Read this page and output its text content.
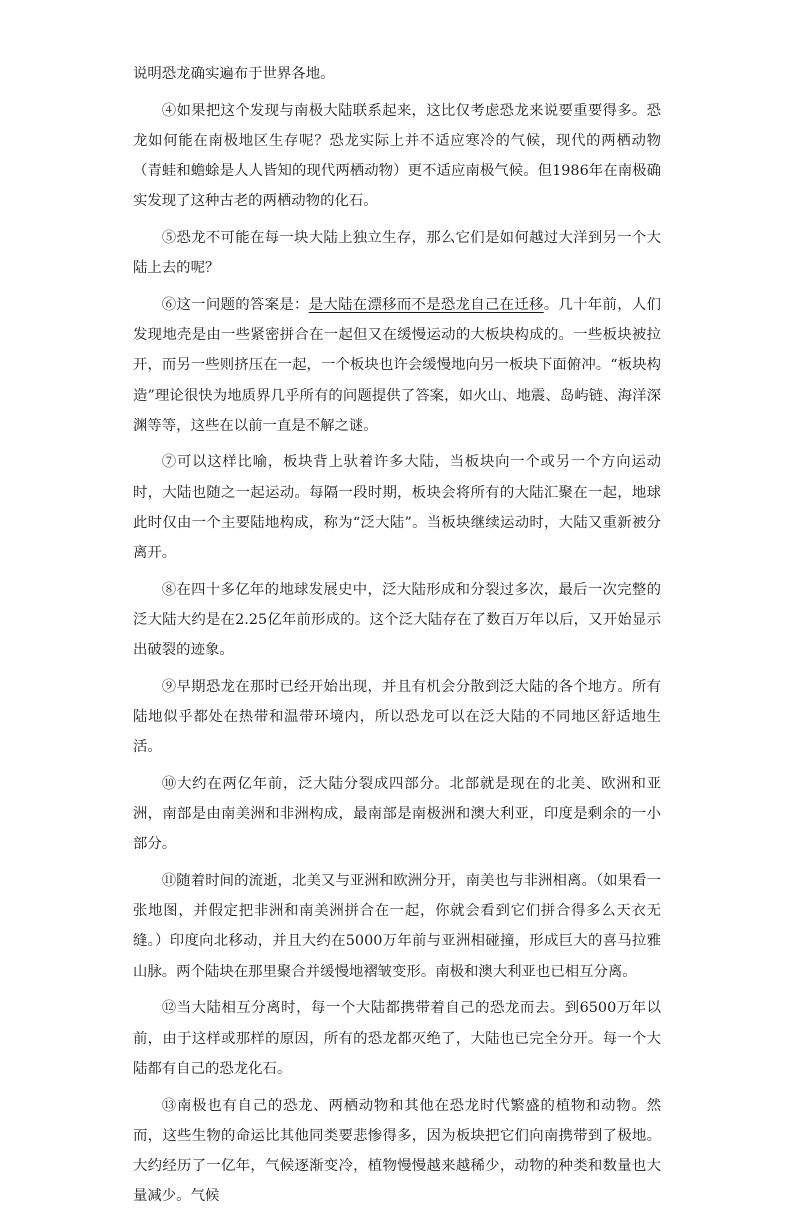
说明恐龙确实遍布于世界各地。

④如果把这个发现与南极大陆联系起来，这比仅考虑恐龙来说要重要得多。恐龙如何能在南极地区生存呢？恐龙实际上并不适应寒冷的气候，现代的两栖动物（青蛙和蟾蜍是人人皆知的现代两栖动物）更不适应南极气候。但1986年在南极确实发现了这种古老的两栖动物的化石。

⑤恐龙不可能在每一块大陆上独立生存，那么它们是如何越过大洋到另一个大陆上去的呢？

⑥这一问题的答案是：是大陆在漂移而不是恐龙自己在迁移。几十年前，人们发现地壳是由一些紧密拼合在一起但又在缓慢运动的大板块构成的。一些板块被拉开，而另一些则挤压在一起，一个板块也许会缓慢地向另一板块下面俯冲。“板块构造”理论很快为地质界几乎所有的问题提供了答案，如火山、地震、岛屿链、海洋深渊等等，这些在以前一直是不解之谜。

⑦可以这样比喻，板块背上驮着许多大陆，当板块向一个或另一个方向运动时，大陆也随之一起运动。每隔一段时期，板块会将所有的大陆汇聚在一起，地球此时仅由一个主要陆地构成，称为“泛大陆”。当板块继续运动时，大陆又重新被分离开。

⑧在四十多亿年的地球发展史中，泛大陆形成和分裂过多次，最后一次完整的泛大陆大约是在2.25亿年前形成的。这个泛大陆存在了数百万年以后，又开始显示出破裂的迹象。

⑨早期恐龙在那时已经开始出现，并且有机会分散到泛大陆的各个地方。所有陆地似乎都处在热带和温带环境内，所以恐龙可以在泛大陆的不同地区舒适地生活。

⑩大约在两亿年前，泛大陆分裂成四部分。北部就是现在的北美、欧洲和亚洲，南部是由南美洲和非洲构成，最南部是南极洲和澳大利亚，印度是剩余的一小部分。

⑪随着时间的流逝，北美又与亚洲和欧洲分开，南美也与非洲相离。（如果看一张地图，并假定把非洲和南美洲拼合在一起，你就会看到它们拼合得多么天衣无缝。）印度向北移动，并且大约在5000万年前与亚洲相碰撞，形成巨大的喜马拉雅山脉。两个陆块在那里聚合并缓慢地褶皱变形。南极和澳大利亚也已相互分离。

⑫当大陆相互分离时，每一个大陆都携带着自己的恐龙而去。到6500万年以前，由于这样或那样的原因，所有的恐龙都灭绝了，大陆也已完全分开。每一个大陆都有自己的恐龙化石。

⑬南极也有自己的恐龙、两栖动物和其他在恐龙时代繁盛的植物和动物。然而，这些生物的命运比其他同类要悲惨得多，因为板块把它们向南携带到了极地。大约经历了一亿年，气候逐渐变冷，植物慢慢越来越稀少，动物的种类和数量也大量减少。气候
